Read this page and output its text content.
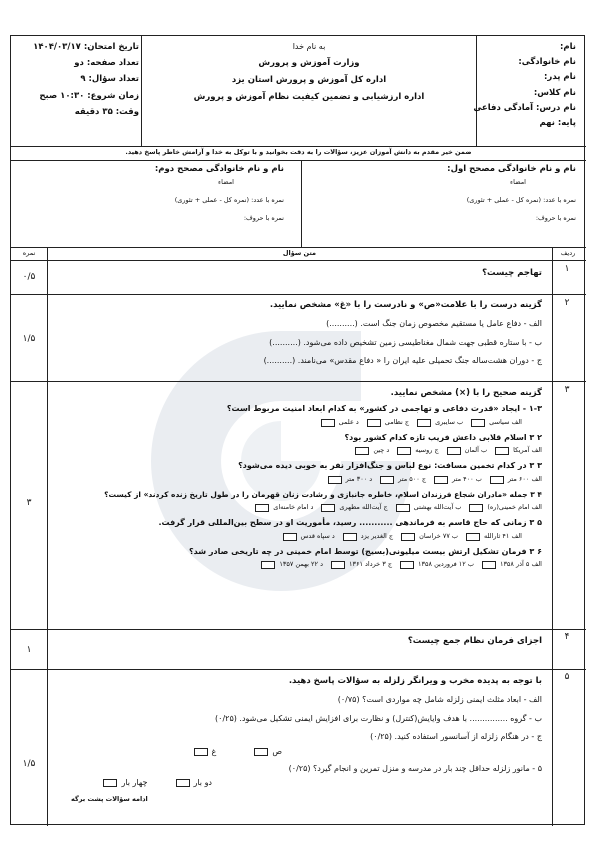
نام:
نام خانوادگی:
نام پدر:
نام کلاس:
نام درس: آمادگی دفاعی
پایه: نهم
به نام خدا
وزارت آموزش و پرورش
اداره کل آموزش و پرورش استان یزد
اداره ارزشیابی و تضمین کیفیت نظام آموزش و پرورش
تاریخ امتحان: ۱۴۰۴/۰۳/۱۷
تعداد صفحه: دو
تعداد سؤال: ۹
زمان شروع: ۱۰:۳۰ صبح
وقت: ۳۵ دقیقه
ضمن خیر مقدم به دانش آموزان عزیز، سؤالات را به دقت بخوانید و با توکل به خدا و آرامش خاطر پاسخ دهید.
نام و نام خانوادگی مصحح اول:
امضاء
نمره با عدد: (نمره کل - عملی + تئوری)
نمره با حروف:
نام و نام خانوادگی مصحح دوم:
امضاء
نمره با عدد: (نمره کل - عملی + تئوری)
نمره با حروف:
ردیف
متن سؤال
نمره
۱
تهاجم چیست؟
۰/۵
۲
گزینه درست را با علامت«ص» و نادرست را با «غ» مشخص نمایید.
الف - دفاع عامل یا مستقیم مخصوص زمان جنگ است. (..........)
ب - با ستاره قطبی جهت شمال مغناطیسی زمین تشخیص داده می‌شود. (..........)
ج - دوران هشت‌ساله جنگ تحمیلی علیه ایران را « دفاع مقدس» می‌نامند. (..........)
۱/۵
۳
گزینه صحیح را با (×) مشخص نمایید.
۱-۳ - ایجاد «قدرت دفاعی و تهاجمی در کشور» به کدام ابعاد امنیت مربوط است؟
الف سیاسی
ب سایبری
ج نظامی
د علمی
۲ ۳ اسلام قلابی داعش فریب تازه کدام کشور بود؟
الف آمریکا
ب آلمان
ج روسیه
د چین
۳ ۳ در کدام تخمین مسافت: نوع لباس و جنگ‌افزار نفر به خوبی دیده می‌شود؟
الف ۶۰۰ متر
ب ۴۰۰ متر
ج ۵۰۰ متر
د ۳۰۰ متر
۴ ۳ جمله «مادران شجاع فرزندان اسلام، خاطره جانبازی و رشادت زنان قهرمان را در طول تاریخ زنده کردند» از کیست؟
الف امام خمینی(ره)
ب آیت‌الله بهشتی
ج آیت‌الله مطهری
د امام خامنه‌ای
۵ ۳ زمانی که حاج قاسم به فرماندهی ........... رسید، مأموریت او در سطح بین‌المللی قرار گرفت.
الف ۴۱ ثارالله
ب ۷۷ خراسان
ج الغدیر یزد
د سپاه قدس
۶ ۳ فرمان تشکیل ارتش بیست میلیونی(بسیج) توسط امام خمینی در چه تاریخی صادر شد؟
الف ۵ آذر ۱۳۵۸
ب ۱۲ فروردین ۱۳۵۸
ج ۳ خرداد ۱۳۶۱
د ۲۲ بهمن ۱۳۵۷
۳
۴
اجزای فرمان نظام جمع چیست؟
۱
۵
با توجه به پدیده مخرب و ویرانگر زلزله به سؤالات پاسخ دهید.
الف - ابعاد مثلث ایمنی زلزله شامل چه مواردی است؟ (۰/۷۵)
ب - گروه ............... با هدف وایایش(کنترل) و نظارت برای افزایش ایمنی تشکیل می‌شود. (۰/۲۵)
ج - در هنگام زلزله از آسانسور استفاده کنید. (۰/۲۵)
ص
غ
۵ - مانور زلزله حداقل چند بار در مدرسه و منزل تمرین و انجام گیرد؟ (۰/۲۵)
دو بار
چهار بار
۱/۵
ادامه سؤالات پشت برگه
